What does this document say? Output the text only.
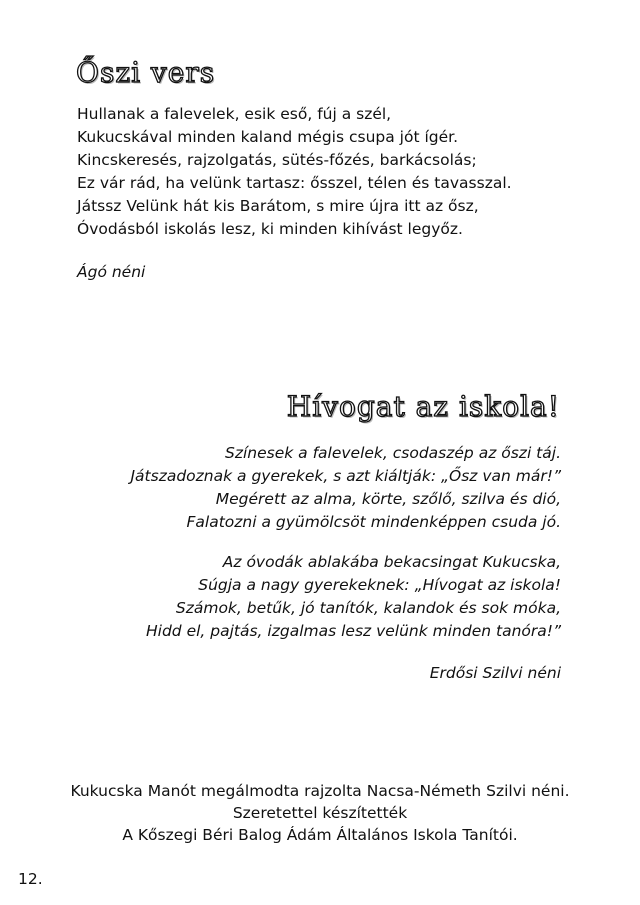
Őszi vers
Hullanak a falevelek, esik eső, fúj a szél,
Kukucskával minden kaland mégis csupa jót ígér.
Kincskeresés, rajzolgatás, sütés-főzés, barkácsolás;
Ez vár rád, ha velünk tartasz: ősszel, télen és tavasszal.
Játssz Velünk hát kis Barátom, s mire újra itt az ősz,
Óvodásból iskolás lesz, ki minden kihívást legyőz.
Ágó néni
Hívogat az iskola!
Színesek a falevelek, csodaszép az őszi táj.
Játszadoznak a gyerekek, s azt kiáltják: „Ősz van már!”
Megérett az alma, körte, szőlő, szilva és dió,
Falatozni a gyümölcsöt mindenképpen csuda jó.
Az óvodák ablakába bekacsingat Kukucska,
Súgja a nagy gyerekeknek: „Hívogat az iskola!
Számok, betűk, jó tanítók, kalandok és sok móka,
Hidd el, pajtás, izgalmas lesz velünk minden tanóra!”
Erdősi Szilvi néni
Kukucska Manót megálmodta rajzolta Nacsa-Németh Szilvi néni.
Szeretettel készítették
A Kőszegi Béri Balog Ádám Általános Iskola Tanítói.
12.
